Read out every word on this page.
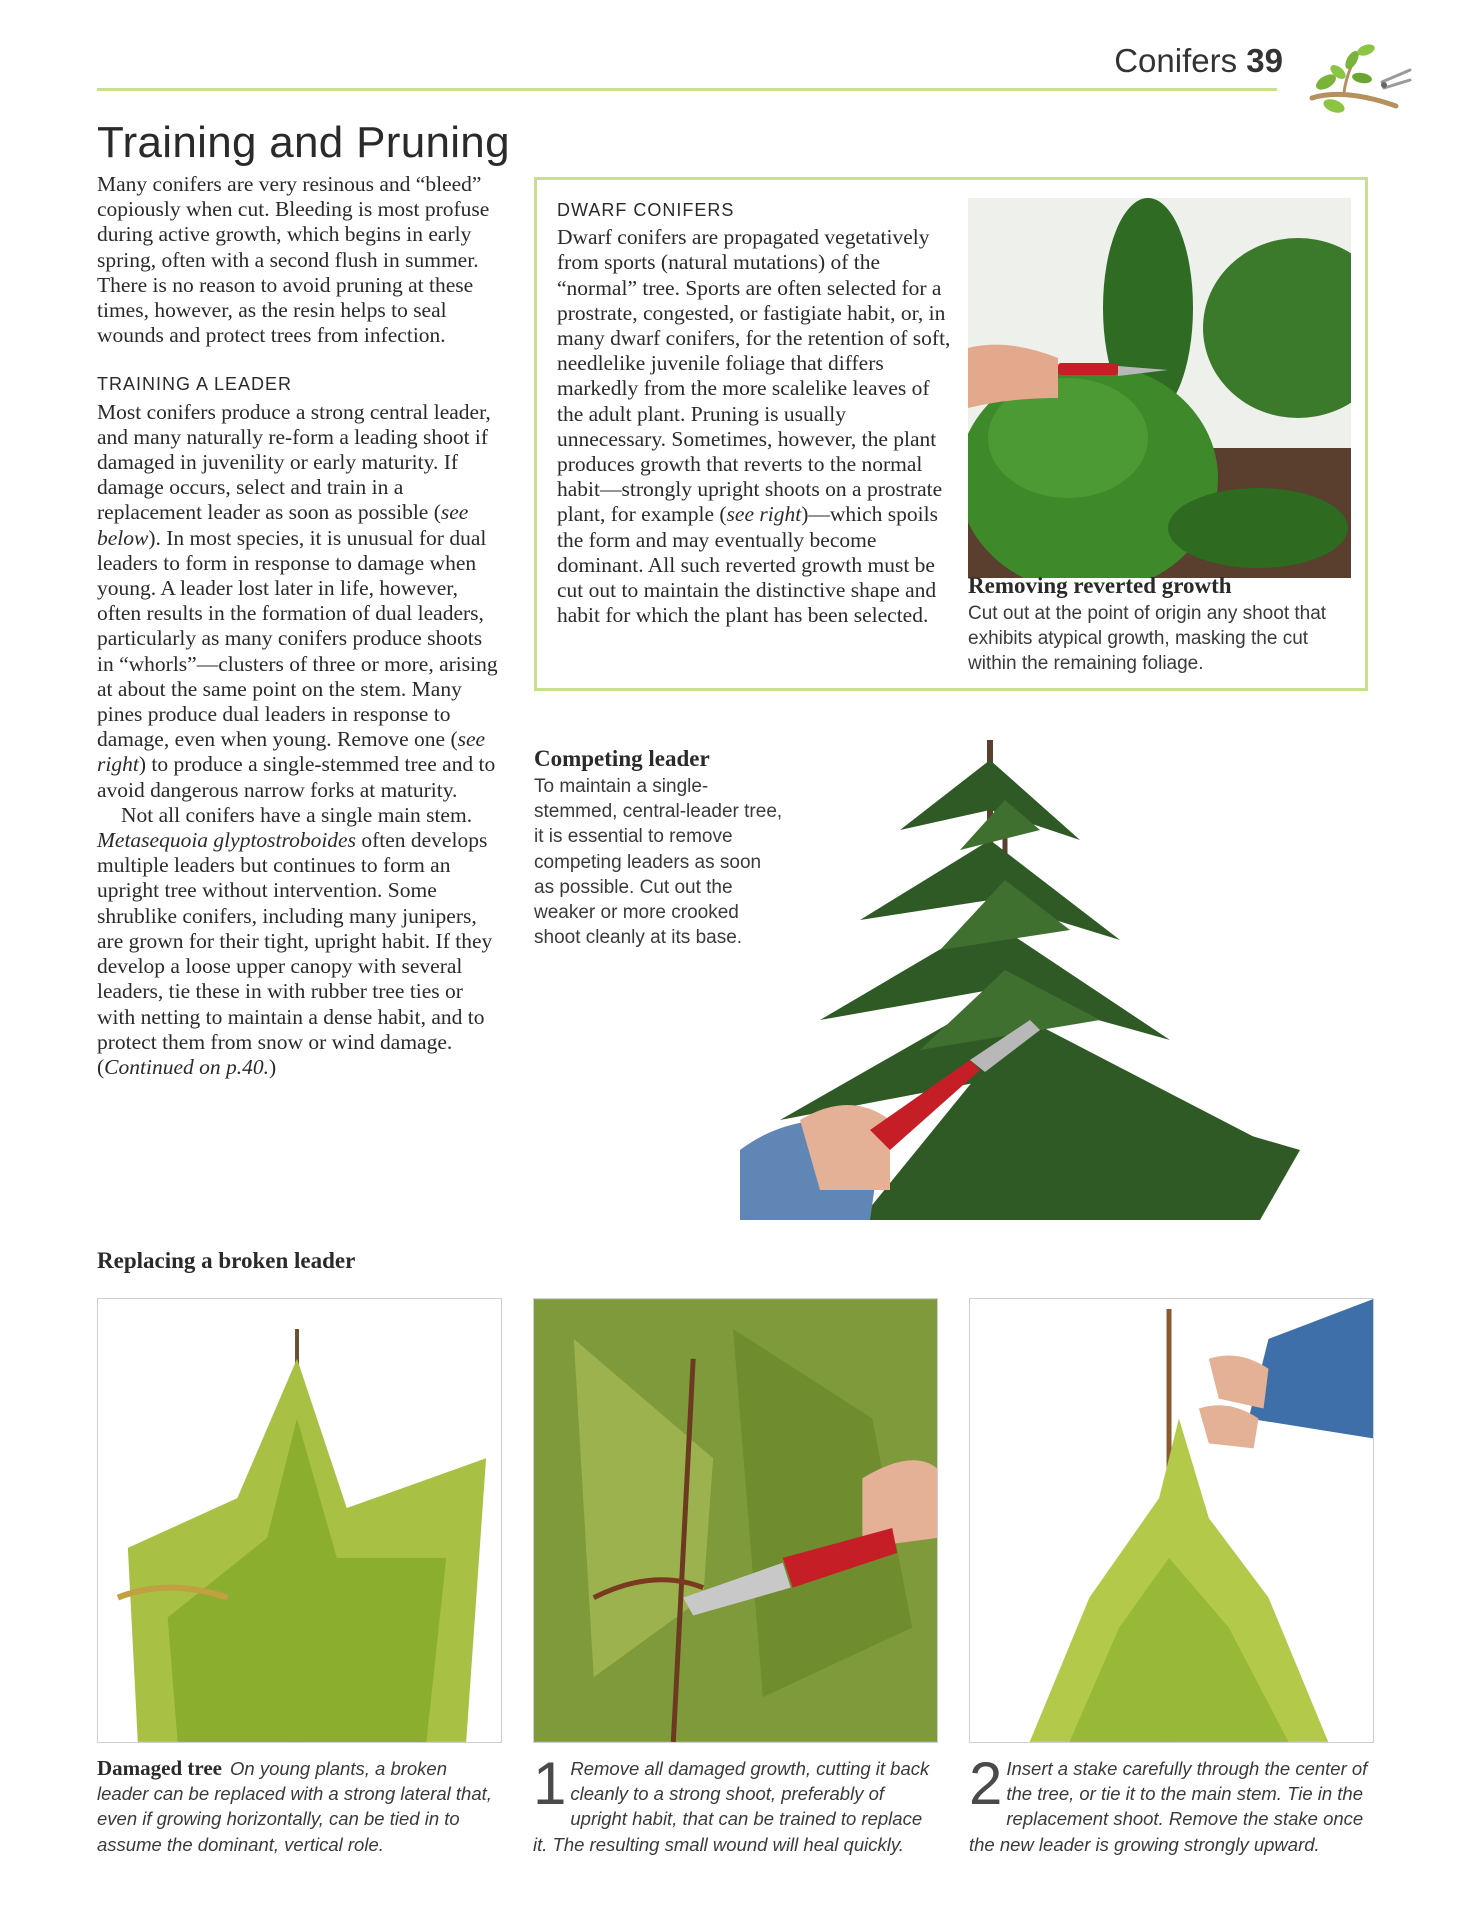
Conifers 39
Training and Pruning

Many conifers are very resinous and “bleed” copiously when cut. Bleeding is most profuse during active growth, which begins in early spring, often with a second flush in summer. There is no reason to avoid pruning at these times, however, as the resin helps to seal wounds and protect trees from infection.

TRAINING A LEADER

Most conifers produce a strong central leader, and many naturally re-form a leading shoot if damaged in juvenility or early maturity. If damage occurs, select and train in a replacement leader as soon as possible (see below). In most species, it is unusual for dual leaders to form in response to damage when young. A leader lost later in life, however, often results in the formation of dual leaders, particularly as many conifers produce shoots in “whorls”—clusters of three or more, arising at about the same point on the stem. Many pines produce dual leaders in response to damage, even when young. Remove one (see right) to produce a single-stemmed tree and to avoid dangerous narrow forks at maturity.

Not all conifers have a single main stem. Metasequoia glyptostroboides often develops multiple leaders but continues to form an upright tree without intervention. Some shrublike conifers, including many junipers, are grown for their tight, upright habit. If they develop a loose upper canopy with several leaders, tie these in with rubber tree ties or with netting to maintain a dense habit, and to protect them from snow or wind damage. (Continued on p.40.)

DWARF CONIFERS
Dwarf conifers are propagated vegetatively from sports (natural mutations) of the “normal” tree. Sports are often selected for a prostrate, congested, or fastigiate habit, or, in many dwarf conifers, for the retention of soft, needlelike juvenile foliage that differs markedly from the more scalelike leaves of the adult plant. Pruning is usually unnecessary. Sometimes, however, the plant produces growth that reverts to the normal habit—strongly upright shoots on a prostrate plant, for example (see right)—which spoils the form and may eventually become dominant. All such reverted growth must be cut out to maintain the distinctive shape and habit for which the plant has been selected.
Removing reverted growth
Cut out at the point of origin any shoot that exhibits atypical growth, masking the cut within the remaining foliage.
Competing leader
To maintain a single-stemmed, central-leader tree, it is essential to remove competing leaders as soon as possible. Cut out the weaker or more crooked shoot cleanly at its base.
Replacing a broken leader
Damaged tree On young plants, a broken leader can be replaced with a strong lateral that, even if growing horizontally, can be tied in to assume the dominant, vertical role.
1 Remove all damaged growth, cutting it back cleanly to a strong shoot, preferably of upright habit, that can be trained to replace it. The resulting small wound will heal quickly.
2 Insert a stake carefully through the center of the tree, or tie it to the main stem. Tie in the replacement shoot. Remove the stake once the new leader is growing strongly upward.
